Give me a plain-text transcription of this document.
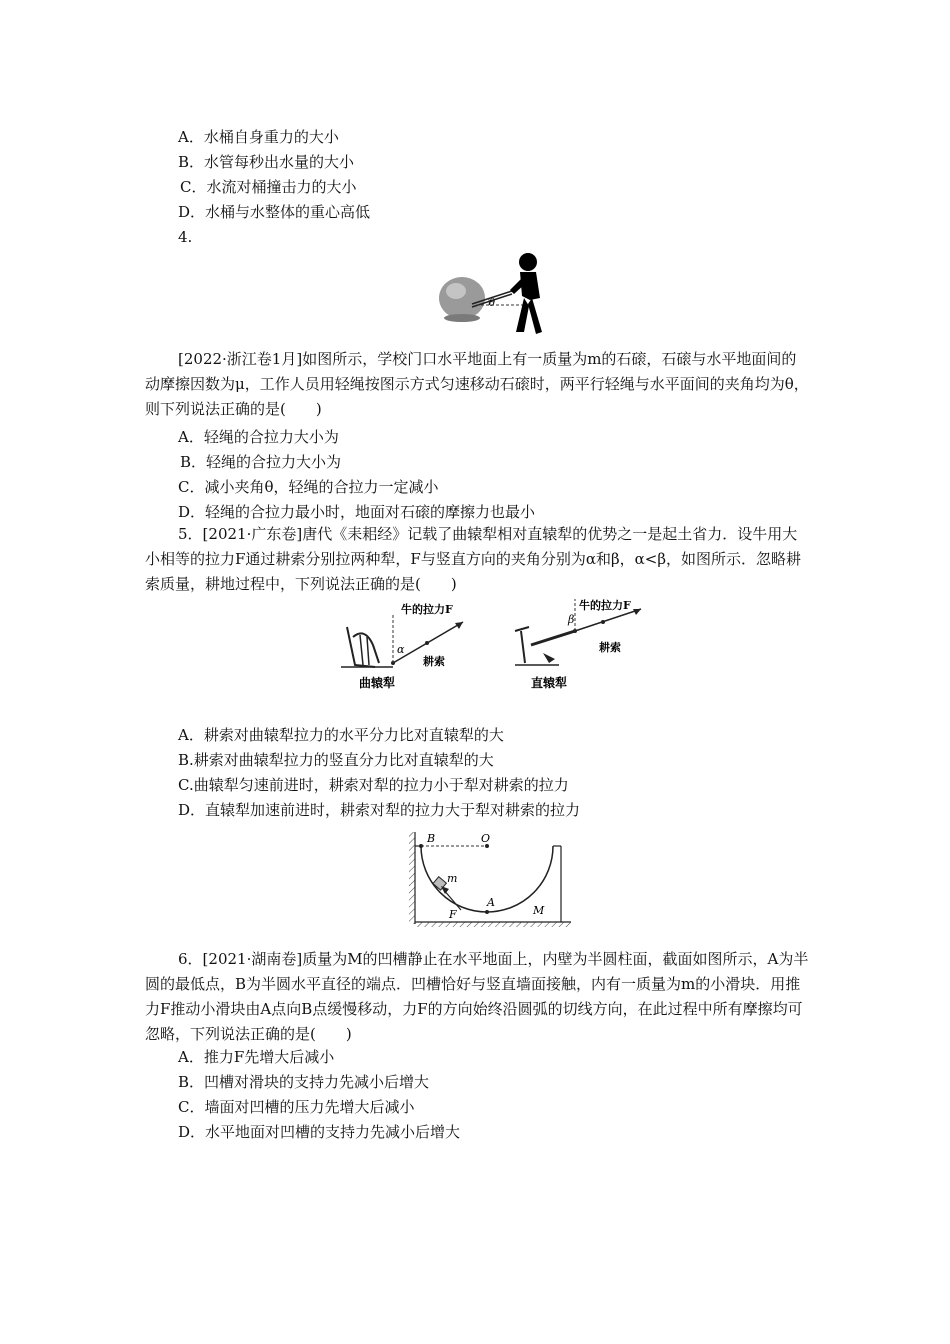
A．水桶自身重力的大小
B．水管每秒出水量的大小
C．水流对桶撞击力的大小
D．水桶与水整体的重心高低
4.
θ
[2022·浙江卷1月]如图所示，学校门口水平地面上有一质量为m的石磙，石磙与水平地面间的动摩擦因数为μ，工作人员用轻绳按图示方式匀速移动石磙时，两平行轻绳与水平面间的夹角均为θ，则下列说法正确的是(　　)
A．轻绳的合拉力大小为
B．轻绳的合拉力大小为
C．减小夹角θ，轻绳的合拉力一定减小
D．轻绳的合拉力最小时，地面对石磙的摩擦力也最小
5．[2021·广东卷]唐代《耒耜经》记载了曲辕犁相对直辕犁的优势之一是起土省力．设牛用大小相等的拉力F通过耕索分别拉两种犁，F与竖直方向的夹角分别为α和β，α<β，如图所示．忽略耕索质量，耕地过程中，下列说法正确的是(　　)
α
牛的拉力F
耕索
曲辕犁
β
牛的拉力F
耕索
直辕犁
A．耕索对曲辕犁拉力的水平分力比对直辕犁的大
B.耕索对曲辕犁拉力的竖直分力比对直辕犁的大
C.曲辕犁匀速前进时，耕索对犁的拉力小于犁对耕索的拉力
D．直辕犁加速前进时，耕索对犁的拉力大于犁对耕索的拉力
B	O
m
F
A
M
6．[2021·湖南卷]质量为M的凹槽静止在水平地面上，内壁为半圆柱面，截面如图所示，A为半圆的最低点，B为半圆水平直径的端点．凹槽恰好与竖直墙面接触，内有一质量为m的小滑块．用推力F推动小滑块由A点向B点缓慢移动，力F的方向始终沿圆弧的切线方向，在此过程中所有摩擦均可忽略，下列说法正确的是(　　)
A．推力F先增大后减小
B．凹槽对滑块的支持力先减小后增大
C．墙面对凹槽的压力先增大后减小
D．水平地面对凹槽的支持力先减小后增大
